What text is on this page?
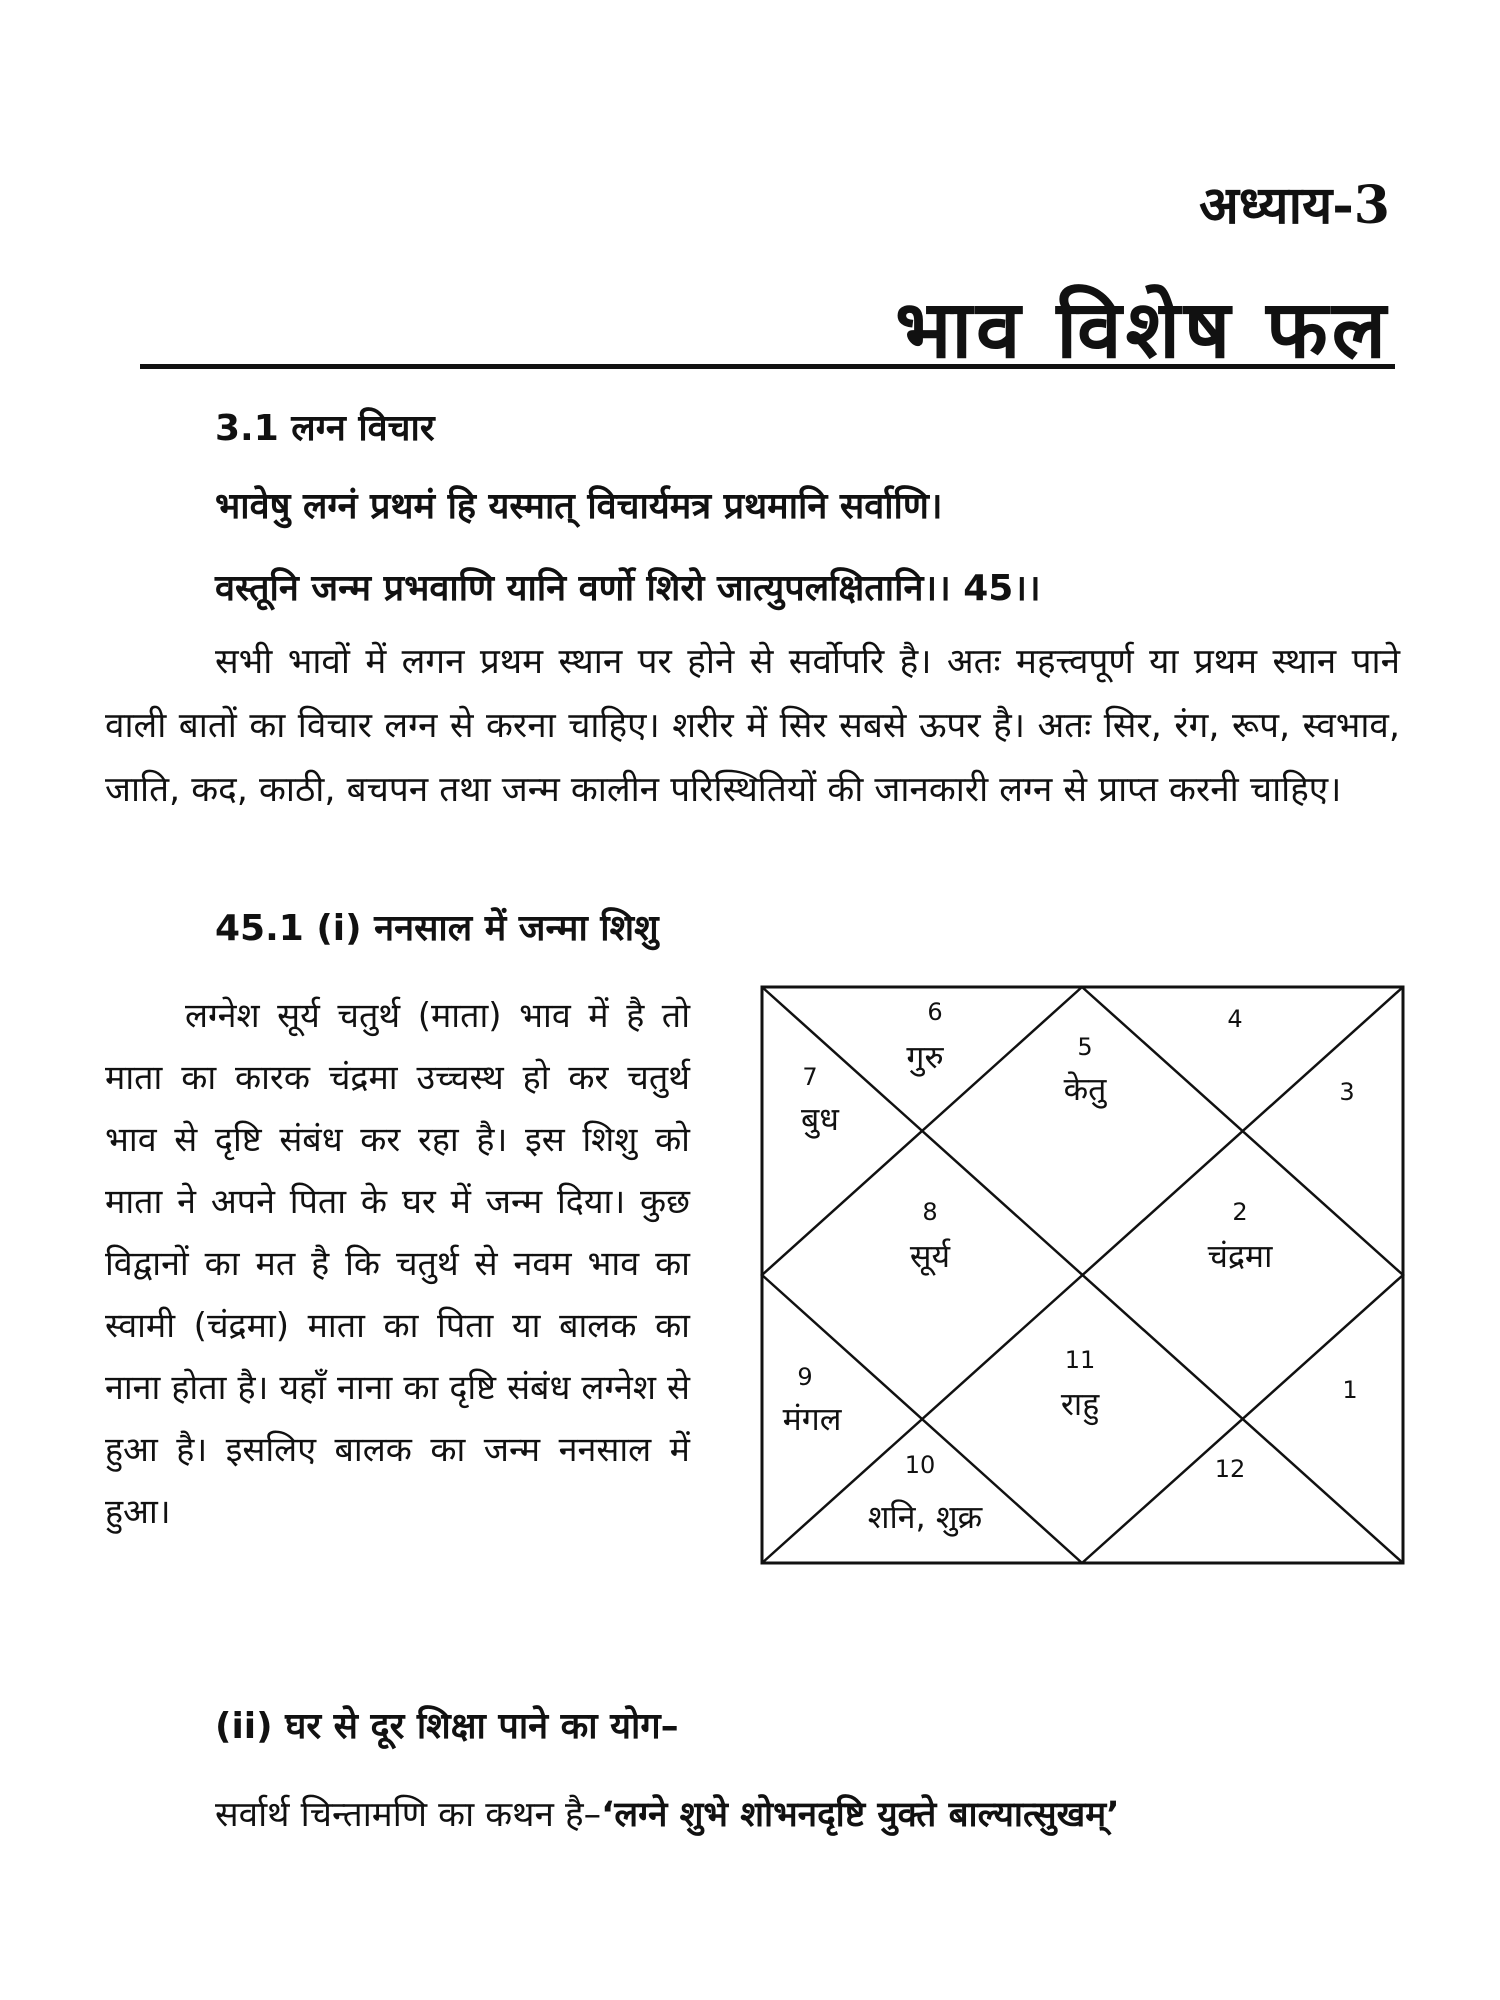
अध्याय-3
भाव विशेष फल
3.1 लग्न विचार
भावेषु लग्नं प्रथमं हि यस्मात् विचार्यमत्र प्रथमानि सर्वाणि।
वस्तूनि जन्म प्रभवाणि यानि वर्णो शिरो जात्युपलक्षितानि।। 45।।
सभी भावों में लगन प्रथम स्थान पर होने से सर्वोपरि है। अतः महत्त्वपूर्ण या प्रथम स्थान पाने वाली बातों का विचार लग्न से करना चाहिए। शरीर में सिर सबसे ऊपर है। अतः सिर, रंग, रूप, स्वभाव, जाति, कद, काठी, बचपन तथा जन्म कालीन परिस्थितियों की जानकारी लग्न से प्राप्त करनी चाहिए।
45.1 (i) ननसाल में जन्मा शिशु
लग्नेश सूर्य चतुर्थ (माता) भाव में है तो माता का कारक चंद्रमा उच्चस्थ हो कर चतुर्थ भाव से दृष्टि संबंध कर रहा है। इस शिशु को माता ने अपने पिता के घर में जन्म दिया। कुछ विद्वानों का मत है कि चतुर्थ से नवम भाव का स्वामी (चंद्रमा) माता का पिता या बालक का नाना होता है। यहाँ नाना का दृष्टि संबंध लग्नेश से हुआ है। इसलिए बालक का जन्म ननसाल में हुआ।
8
सूर्य
6
गुरु	5
केतु
4
3
2
चंद्रमा
1
12
11
राहु
10
शनि, शुक्र
9
मंगल
7
बुध
(ii) घर से दूर शिक्षा पाने का योग–
सर्वार्थ चिन्तामणि का कथन है–‘लग्ने शुभे शोभनदृष्टि युक्ते बाल्यात्सुखम्’
